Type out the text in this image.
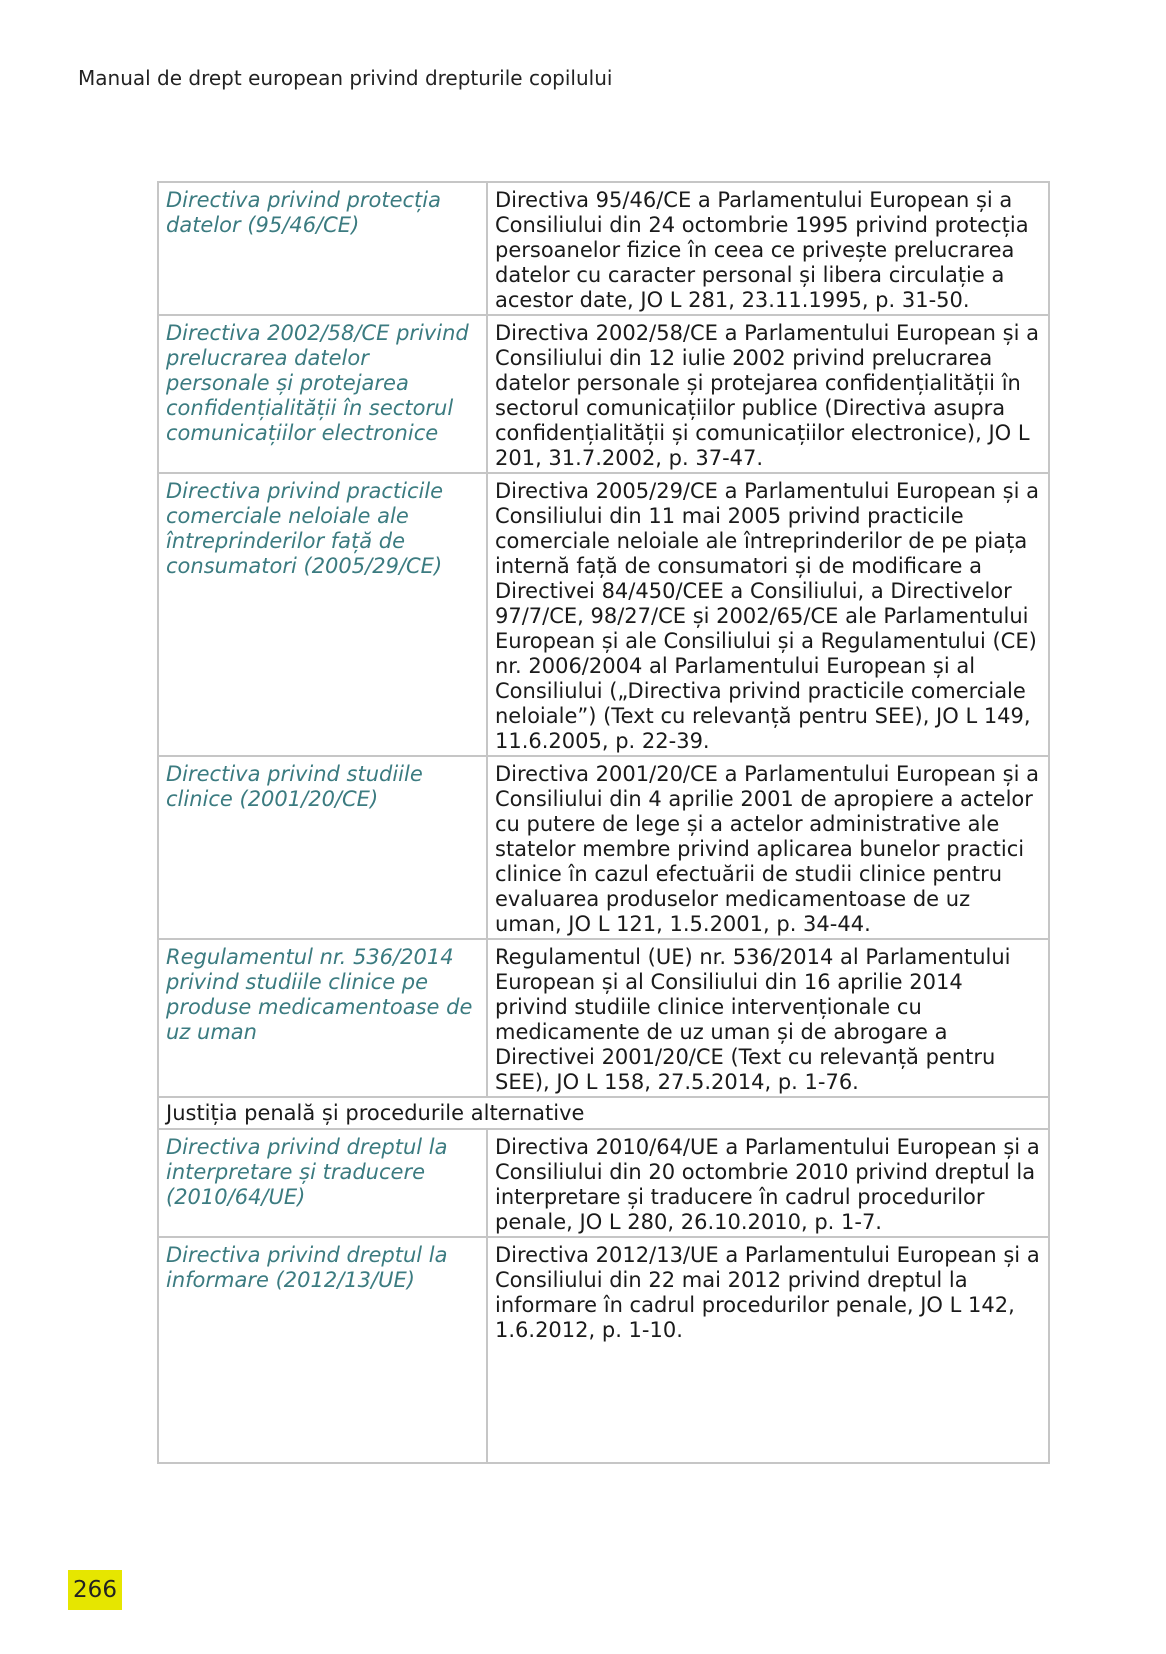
Manual de drept european privind drepturile copilului
Directiva privind protecția datelor (95/46/CE)	Directiva 95/46/CE a Parlamentului European și a Consiliului din 24 octombrie 1995 privind protecția persoanelor fizice în ceea ce privește prelucrarea datelor cu caracter personal și libera circulație a acestor date, JO L 281, 23.11.1995, p. 31-50.
Directiva 2002/58/CE privind prelucrarea datelor personale și protejarea confidențialității în sectorul comunicațiilor electronice	Directiva 2002/58/CE a Parlamentului European și a Consiliului din 12 iulie 2002 privind prelucrarea datelor personale și protejarea confidențialității în sectorul comunicațiilor publice (Directiva asupra confidențialității și comunicațiilor electronice), JO L 201, 31.7.2002, p. 37-47.
Directiva privind practicile comerciale neloiale ale întreprinderilor față de consumatori (2005/29/CE)	Directiva 2005/29/CE a Parlamentului European și a Consiliului din 11 mai 2005 privind practicile comerciale neloiale ale întreprinderilor de pe piața internă față de consumatori și de modificare a Directivei 84/450/CEE a Consiliului, a Directivelor 97/7/CE, 98/27/CE și 2002/65/CE ale Parlamentului European și ale Consiliului și a Regulamentului (CE) nr. 2006/2004 al Parlamentului European și al Consiliului („Directiva privind practicile comerciale neloiale”) (Text cu relevanță pentru SEE), JO L 149, 11.6.2005, p. 22-39.
Directiva privind studiile clinice (2001/20/CE)	Directiva 2001/20/CE a Parlamentului European și a Consiliului din 4 aprilie 2001 de apropiere a actelor cu putere de lege și a actelor administrative ale statelor membre privind aplicarea bunelor practici clinice în cazul efectuării de studii clinice pentru evaluarea produselor medicamentoase de uz uman, JO L 121, 1.5.2001, p. 34-44.
Regulamentul nr. 536/2014 privind studiile clinice pe produse medicamentoase de uz uman	Regulamentul (UE) nr. 536/2014 al Parlamentului European și al Consiliului din 16 aprilie 2014 privind studiile clinice intervenționale cu medicamente de uz uman și de abrogare a Directivei 2001/20/CE (Text cu relevanță pentru SEE), JO L 158, 27.5.2014, p. 1-76.
Justiția penală și procedurile alternative	
Directiva privind dreptul la interpretare și traducere (2010/64/UE)	Directiva 2010/64/UE a Parlamentului European și a Consiliului din 20 octombrie 2010 privind dreptul la interpretare și traducere în cadrul procedurilor penale, JO L 280, 26.10.2010, p. 1-7.
Directiva privind dreptul la informare (2012/13/UE)	Directiva 2012/13/UE a Parlamentului European și a Consiliului din 22 mai 2012 privind dreptul la informare în cadrul procedurilor penale, JO L 142, 1.6.2012, p. 1-10.
266
